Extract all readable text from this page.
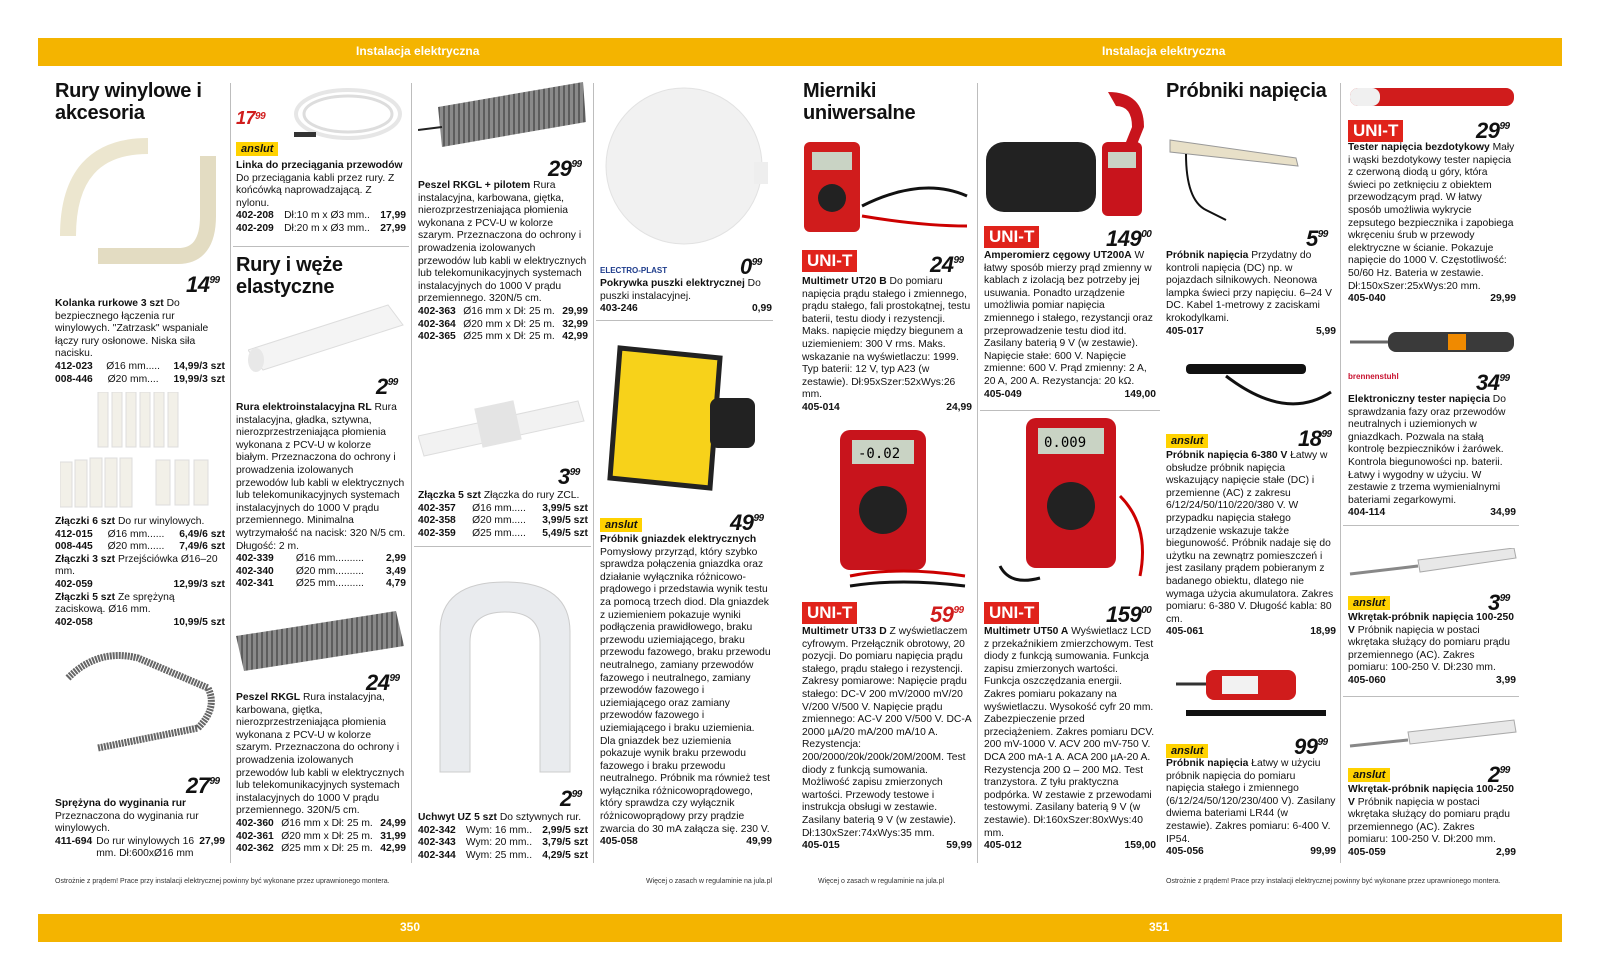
Instalacja elektryczna	Instalacja elektryczna
350	351
Rury winylowe i akcesoria
$14^{99}$
Kolanka rurkowe 3 szt Do bezpiecznego łączenia rur winylowych. "Zatrzask" wspaniale łączy rury osłonowe. Niska siła nacisku.
412-023 Ø16 mm..... 14,99/3 szt
008-446 Ø20 mm.... 19,99/3 szt
Złączki 6 szt Do rur winylowych.
412-015 Ø16 mm...... 6,49/6 szt
008-445 Ø20 mm...... 7,49/6 szt
Złączki 3 szt Przejściówka Ø16–20 mm.
402-059	12,99/3 szt
Złączki 5 szt Ze sprężyną zaciskową. Ø16 mm.
402-058	10,99/5 szt
$27^{99}$
Sprężyna do wyginania rur Przeznaczona do wyginania rur winylowych.
411-694 Do rur winylowych 16 mm. Dł:600xØ16 mm
27,99
$17^{99}$
anslut
Linka do przeciągania przewodów Do przeciągania kabli przez rury. Z końcówką naprowadzającą. Z nylonu.
402-208 Dł:10 m x Ø3 mm.. 17,99
402-209 Dł:20 m x Ø3 mm.. 27,99
Rury i węże elastyczne
$2^{99}$
Rura elektroinstalacyjna RL Rura instalacyjna, gładka, sztywna, nierozprzestrzeniająca płomienia wykonana z PCV-U w kolorze białym. Przeznaczona do ochrony i prowadzenia izolowanych przewodów lub kabli w elektrycznych lub telekomunikacyjnych systemach instalacyjnych do 1000 V prądu przemiennego. Minimalna wytrzymałość na nacisk: 320 N/5 cm. Długość: 2 m.
402-339 Ø16 mm.......... 2,99
402-340 Ø20 mm.......... 3,49
402-341 Ø25 mm.......... 4,79
$24^{99}$
Peszel RKGL Rura instalacyjna, karbowana, giętka, nierozprzestrzeniająca płomienia wykonana z PCV-U w kolorze szarym. Przeznaczona do ochrony i prowadzenia izolowanych przewodów lub kabli w elektrycznych lub telekomunikacyjnych systemach instalacyjnych do 1000 V prądu przemiennego. 320N/5 cm.
402-360 Ø16 mm x Dł: 25 m. 24,99
402-361 Ø20 mm x Dł: 25 m. 31,99
402-362 Ø25 mm x Dł: 25 m. 42,99
$29^{99}$
Peszel RKGL + pilotem Rura instalacyjna, karbowana, giętka, nierozprzestrzeniająca płomienia wykonana z PCV-U w kolorze szarym. Przeznaczona do ochrony i prowadzenia izolowanych przewodów lub kabli w elektrycznych lub telekomunikacyjnych systemach instalacyjnych do 1000 V prądu przemiennego. 320N/5 cm.
402-363 Ø16 mm x Dł: 25 m. 29,99
402-364 Ø20 mm x Dł: 25 m. 32,99
402-365 Ø25 mm x Dł: 25 m. 42,99
$3^{99}$
Złączka 5 szt Złączka do rury ZCL.
402-357 Ø16 mm..... 3,99/5 szt
402-358 Ø20 mm..... 3,99/5 szt
402-359 Ø25 mm..... 5,49/5 szt
$2^{99}$
Uchwyt UZ 5 szt Do sztywnych rur.
402-342 Wym: 16 mm.. 2,99/5 szt
402-343 Wym: 20 mm.. 3,79/5 szt
402-344 Wym: 25 mm.. 4,29/5 szt
ELECTRO-PLAST	$0^{99}$
Pokrywka puszki elektrycznej Do puszki instalacyjnej.
403-246	0,99
anslut	$49^{99}$
Próbnik gniazdek elektrycznych Pomysłowy przyrząd, który szybko sprawdza połączenia gniazdka oraz działanie wyłącznika różnicowo-prądowego i przedstawia wynik testu za pomocą trzech diod. Dla gniazdek z uziemieniem pokazuje wyniki podłączenia prawidłowego, braku przewodu uziemiającego, braku przewodu fazowego, braku przewodu neutralnego, zamiany przewodów fazowego i neutralnego, zamiany przewodów fazowego i uziemiającego oraz zamiany przewodów fazowego i uziemiającego i braku uziemienia. Dla gniazdek bez uziemienia pokazuje wynik braku przewodu fazowego i braku przewodu neutralnego. Próbnik ma również test wyłącznika różnicowoprądowego, który sprawdza czy wyłącznik różnicowoprądowy przy prądzie zwarcia do 30 mA załącza się. 230 V.
405-058	49,99
Mierniki uniwersalne
UNI-T	$24^{99}$
Multimetr UT20 B Do pomiaru napięcia prądu stałego i zmiennego, prądu stałego, fali prostokątnej, testu baterii, testu diody i rezystencji. Maks. napięcie między biegunem a uziemieniem: 300 V rms. Maks. wskazanie na wyświetlaczu: 1999. Typ baterii: 12 V, typ A23 (w zestawie). Dł:95xSzer:52xWys:26 mm.
405-014	24,99
-0.02
UNI-T	$59^{99}$
Multimetr UT33 D Z wyświetlaczem cyfrowym. Przełącznik obrotowy, 20 pozycji. Do pomiaru napięcia prądu stałego, prądu stałego i rezystencji. Zakresy pomiarowe: Napięcie prądu stałego: DC-V 200 mV/2000 mV/20 V/200 V/500 V. Napięcie prądu zmiennego: AC-V 200 V/500 V. DC-A 2000 µA/20 mA/200 mA/10 A. Rezystencja: 200/2000/20k/200k/20M/200M. Test diody z funkcją sumowania. Możliwość zapisu zmierzonych wartości. Przewody testowe i instrukcja obsługi w zestawie. Zasilany baterią 9 V (w zestawie). Dł:130xSzer:74xWys:35 mm.
405-015	59,99
UNI-T	$149^{00}$
Amperomierz cęgowy UT200A W łatwy sposób mierzy prąd zmienny w kablach z izolacją bez potrzeby jej usuwania. Ponadto urządzenie umożliwia pomiar napięcia zmiennego i stałego, rezystancji oraz przeprowadzenie testu diod itd. Zasilany baterią 9 V (w zestawie). Napięcie stałe: 600 V. Napięcie zmienne: 600 V. Prąd zmienny: 2 A, 20 A, 200 A. Rezystancja: 20 kΩ.
405-049	149,00
0.009
UNI-T	$159^{00}$
Multimetr UT50 A Wyświetlacz LCD z przekaźnikiem zmierzchowym. Test diody z funkcją sumowania. Funkcja zapisu zmierzonych wartości. Funkcja oszczędzania energii. Zakres pomiaru pokazany na wyświetlaczu. Wysokość cyfr 20 mm. Zabezpieczenie przed przeciążeniem. Zakres pomiaru DCV. 200 mV-1000 V. ACV 200 mV-750 V. DCA 200 mA-1 A. ACA 200 µA-20 A. Rezystencja 200 Ω – 200 MΩ. Test tranzystora. Z tyłu praktyczna podpórka. W zestawie z przewodami testowymi. Zasilany baterią 9 V (w zestawie). Dł:160xSzer:80xWys:40 mm.
405-012	159,00
Próbniki napięcia
$5^{99}$
Próbnik napięcia Przydatny do kontroli napięcia (DC) np. w pojazdach silnikowych. Neonowa lampka świeci przy napięciu. 6–24 V DC. Kabel 1-metrowy z zaciskami krokodylkami.
405-017	5,99
anslut	$18^{99}$
Próbnik napięcia 6-380 V Łatwy w obsłudze próbnik napięcia wskazujący napięcie stałe (DC) i przemienne (AC) z zakresu 6/12/24/50/110/220/380 V. W przypadku napięcia stałego urządzenie wskazuje także biegunowość. Próbnik nadaje się do użytku na zewnątrz pomieszczeń i jest zasilany prądem pobieranym z badanego obiektu, dlatego nie wymaga użycia akumulatora. Zakres pomiaru: 6-380 V. Długość kabla: 80 cm.
405-061	18,99
anslut	$99^{99}$
Próbnik napięcia Łatwy w użyciu próbnik napięcia do pomiaru napięcia stałego i zmiennego (6/12/24/50/120/230/400 V). Zasilany dwiema bateriami LR44 (w zestawie). Zakres pomiaru: 6-400 V. IP54.
405-056	99,99
UNI-T	$29^{99}$
Tester napięcia bezdotykowy Mały i wąski bezdotykowy tester napięcia z czerwoną diodą u góry, która świeci po zetknięciu z obiektem przewodzącym prąd. W łatwy sposób umożliwia wykrycie zepsutego bezpiecznika i zapobiega wkręceniu śrub w przewody elektryczne w ścianie. Pokazuje napięcie do 1000 V. Częstotliwość: 50/60 Hz. Bateria w zestawie. Dł:150xSzer:25xWys:20 mm.
405-040	29,99
brennenstuhl	$34^{99}$
Elektroniczny tester napięcia Do sprawdzania fazy oraz przewodów neutralnych i uziemionych w gniazdkach. Pozwala na stałą kontrolę bezpieczników i żarówek. Kontrola biegunowości np. baterii. Łatwy i wygodny w użyciu. W zestawie z trzema wymienialnymi bateriami zegarkowymi.
404-114	34,99
anslut	$3^{99}$
Wkrętak-próbnik napięcia 100-250 V Próbnik napięcia w postaci wkrętaka służący do pomiaru prądu przemiennego (AC). Zakres pomiaru: 100-250 V. Dł:230 mm.
405-060	3,99
anslut	$2^{99}$
Wkrętak-próbnik napięcia 100-250 V Próbnik napięcia w postaci wkrętaka służący do pomiaru prądu przemiennego (AC). Zakres pomiaru: 100-250 V. Dł:200 mm.
405-059	2,99
Ostrożnie z prądem! Prace przy instalacji elektrycznej powinny być wykonane przez uprawnionego montera.	Więcej o zasach w regulaminie na jula.pl	Więcej o zasach w regulaminie na jula.pl	Ostrożnie z prądem! Prace przy instalacji elektrycznej powinny być wykonane przez uprawnionego montera.
